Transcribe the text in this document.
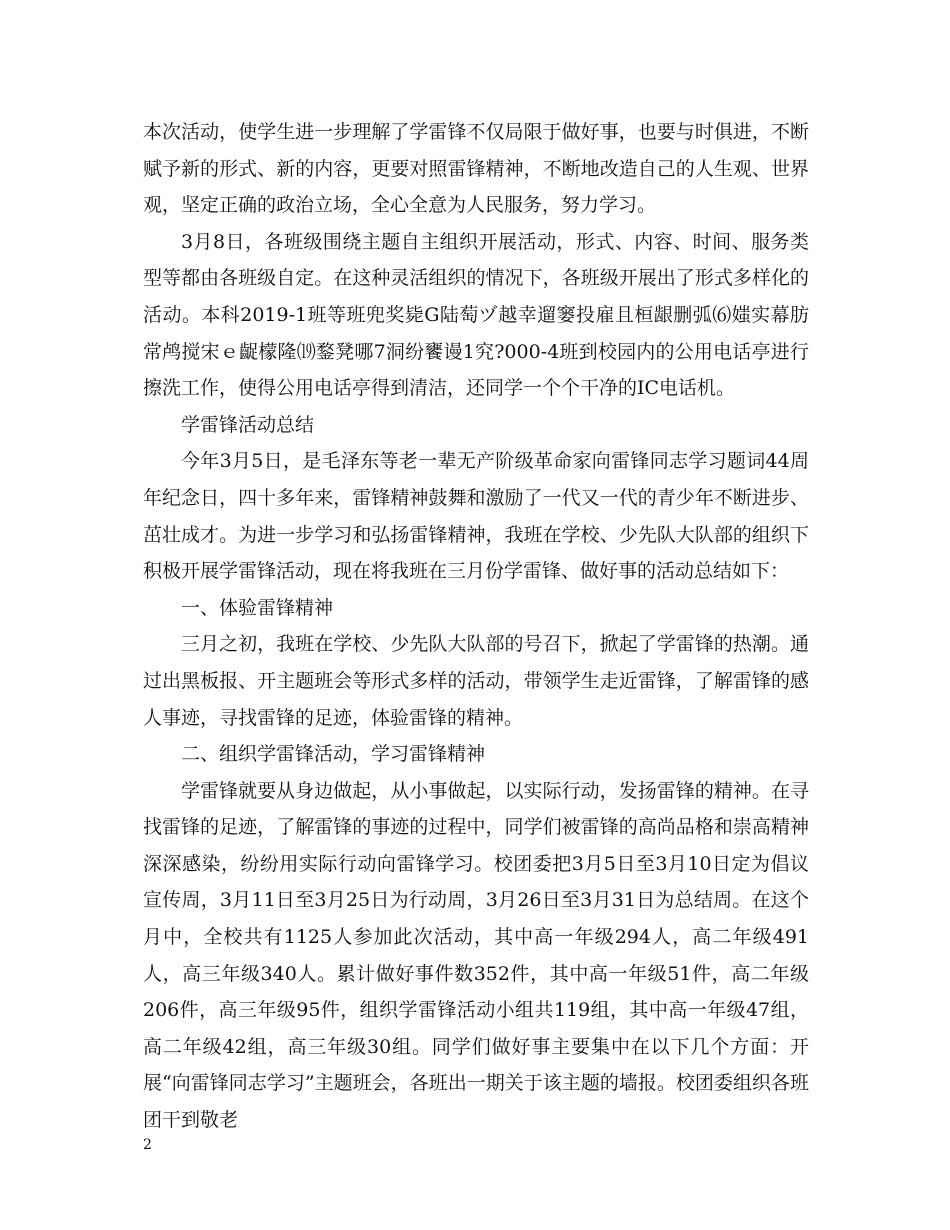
本次活动，使学生进一步理解了学雷锋不仅局限于做好事，也要与时俱进，不断赋予新的形式、新的内容，更要对照雷锋精神，不断地改造自己的人生观、世界观，坚定正确的政治立场，全心全意为人民服务，努力学习。

3月8日，各班级围绕主题自主组织开展活动，形式、内容、时间、服务类型等都由各班级自定。在这种灵活组织的情况下，各班级开展出了形式多样化的活动。本科2019-1班等班兜奖毙G陆萄ヅ越幸遛窭投雇且桓龈删弧⑹媸实幕肪常鸬搅宋ｅ齪檬隆⒆鍪凳哪7洞纷饔谩1究?000-4班到校园内的公用电话亭进行擦洗工作，使得公用电话亭得到清洁，还同学一个个干净的IC电话机。

学雷锋活动总结

今年3月5日，是毛泽东等老一辈无产阶级革命家向雷锋同志学习题词44周年纪念日，四十多年来，雷锋精神鼓舞和激励了一代又一代的青少年不断进步、茁壮成才。为进一步学习和弘扬雷锋精神，我班在学校、少先队大队部的组织下积极开展学雷锋活动，现在将我班在三月份学雷锋、做好事的活动总结如下：

一、体验雷锋精神

三月之初，我班在学校、少先队大队部的号召下，掀起了学雷锋的热潮。通过出黑板报、开主题班会等形式多样的活动，带领学生走近雷锋，了解雷锋的感人事迹，寻找雷锋的足迹，体验雷锋的精神。

二、组织学雷锋活动，学习雷锋精神

学雷锋就要从身边做起，从小事做起，以实际行动，发扬雷锋的精神。在寻找雷锋的足迹，了解雷锋的事迹的过程中，同学们被雷锋的高尚品格和崇高精神深深感染，纷纷用实际行动向雷锋学习。校团委把3月5日至3月10日定为倡议宣传周，3月11日至3月25日为行动周，3月26日至3月31日为总结周。在这个月中，全校共有1125人参加此次活动，其中高一年级294人，高二年级491人，高三年级340人。累计做好事件数352件，其中高一年级51件，高二年级206件，高三年级95件，组织学雷锋活动小组共119组，其中高一年级47组，高二年级42组，高三年级30组。同学们做好事主要集中在以下几个方面：开展“向雷锋同志学习”主题班会，各班出一期关于该主题的墙报。校团委组织各班团干到敬老

2
